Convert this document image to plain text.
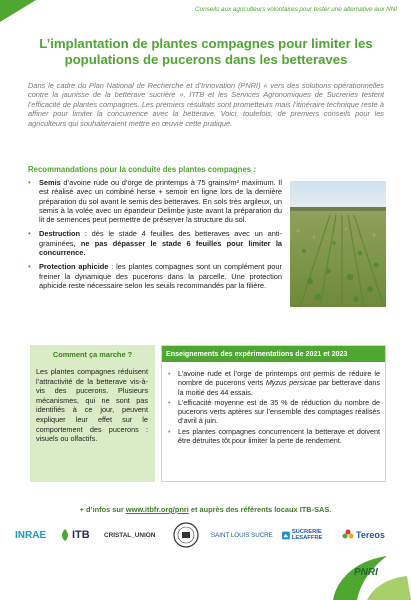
Conseils aux agriculteurs volontaires pour tester une alternative aux NNI
L’implantation de plantes compagnes pour limiter les populations de pucerons dans les betteraves

Dans le cadre du Plan National de Recherche et d’Innovation (PNRI) « vers des solutions opérationnelles contre la jaunisse de la betterave sucrière », l’ITB et les Services Agronomiques de Sucreries testent l’efficacité de plantes compagnes. Les premiers résultats sont prometteurs mais l’itinéraire technique reste à affiner pour limiter la concurrence avec la betterave. Voici, toutefois, de premiers conseils pour les agriculteurs qui souhaiteraient mettre en œuvre cette pratique.

Recommandations pour la conduite des plantes compagnes :
• Semis d’avoine rude ou d’orge de printemps à 75 grains/m² maximum. Il est réalisé avec un combiné herse + semoir en ligne lors de la dernière préparation du sol avant le semis des betteraves. En sols très argileux, un semis à la volée avec un épandeur Delimbe juste avant la préparation du lit de semences peut permettre de préserver la structure du sol.
• Destruction : dès le stade 4 feuilles des betteraves avec un anti-graminées, ne pas dépasser le stade 6 feuilles pour limiter la concurrence.
• Protection aphicide : les plantes compagnes sont un complément pour freiner la dynamique des pucerons dans la parcelle. Une protection aphicide reste nécessaire selon les seuils recommandés par la filière.
Comment ça marche ?

Les plantes compagnes réduisent l’attractivité de la betterave vis-à-vis des pucerons. Plusieurs mécanismes, qui ne sont pas identifiés à ce jour, peuvent expliquer leur effet sur le comportement des pucerons : visuels ou olfactifs.

Enseignements des expérimentations de 2021 et 2023
• L’avoine rude et l’orge de printemps ont permis de réduire le nombre de pucerons verts Myzus persicae par betterave dans la moitié des 44 essais.
• L’efficacité moyenne est de 35 % de réduction du nombre de pucerons verts aptères sur l’ensemble des comptages réalisés d’avril à juin.
• Les plantes compagnes concurrencent la betterave et doivent être détruites tôt pour limiter la perte de rendement.
+ d’infos sur www.itbfr.org/pnri et auprès des référents locaux ITB-SAS.
INRAE ITB CRISTAL_UNION	SAINT LOUIS SUCRE	SUCRERIE LESAFFRE	Tereos
PNRI
